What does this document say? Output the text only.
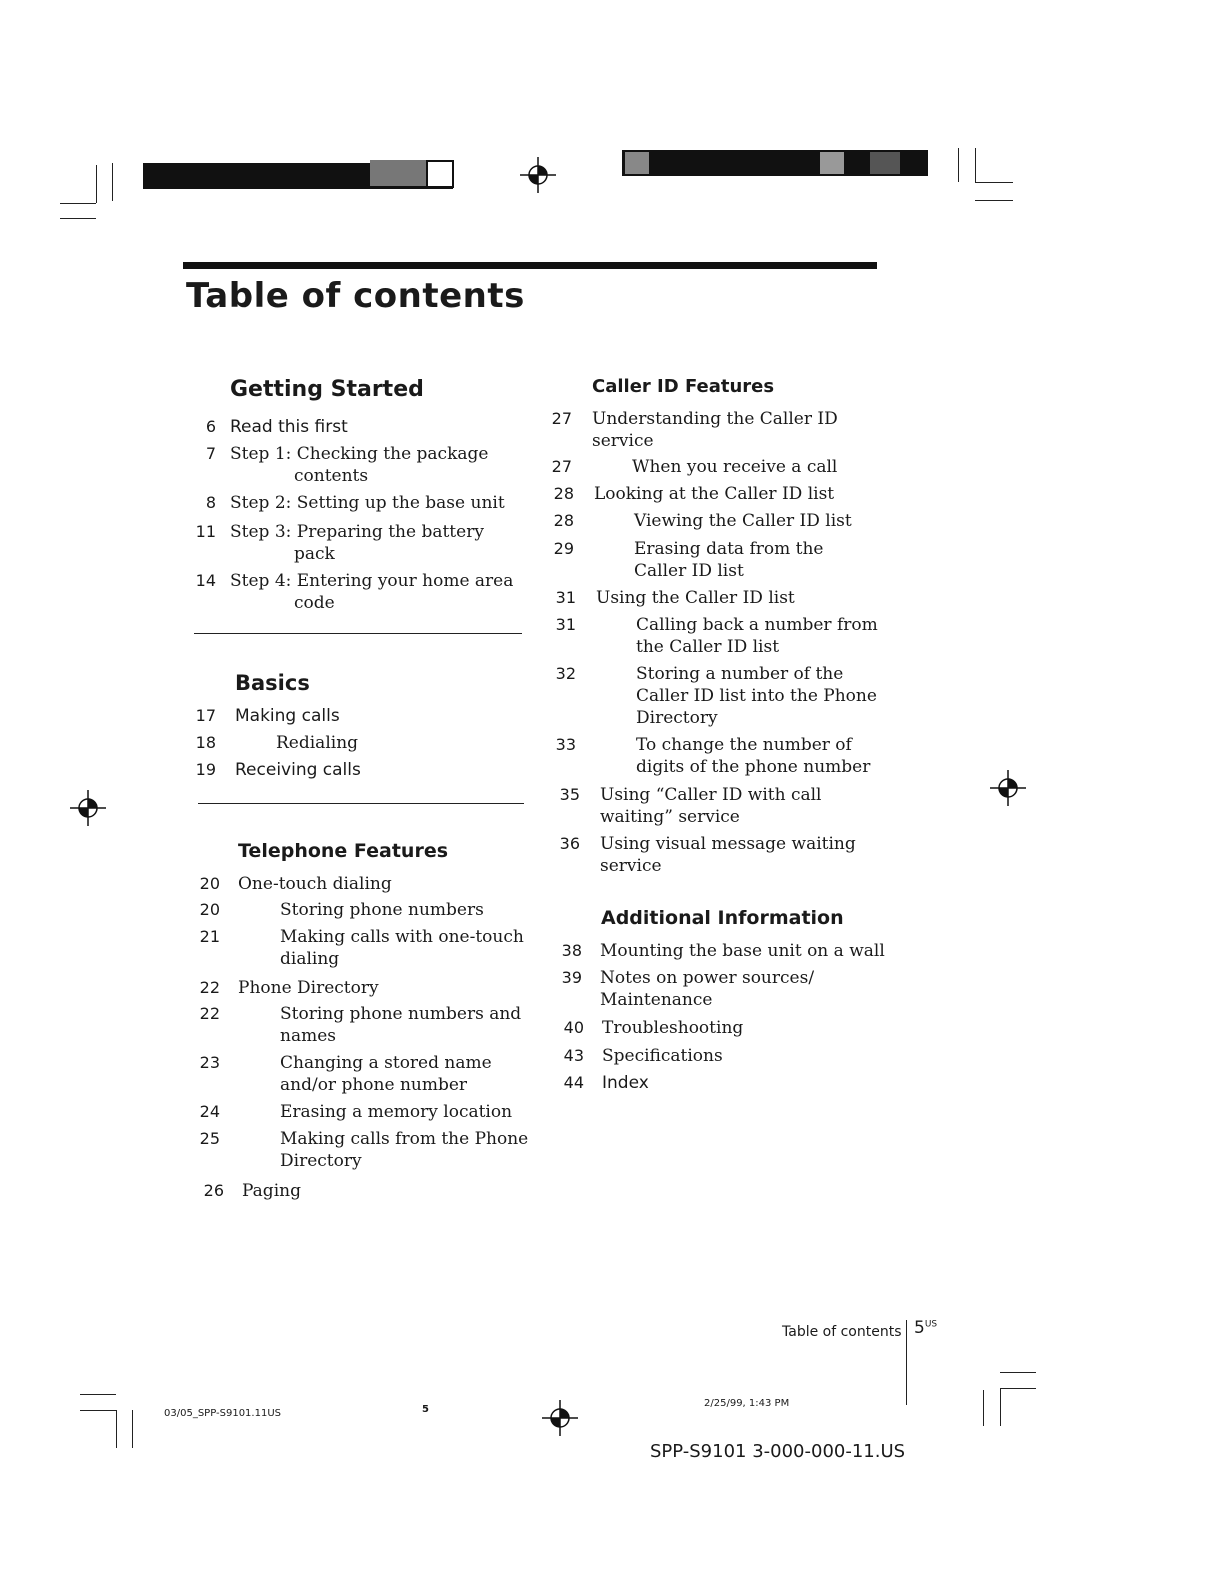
Table of contents
Getting Started
6 Read this first
7 Step 1: Checking the package
contents
8 Step 2: Setting up the base unit
11 Step 3: Preparing the battery
pack
14 Step 4: Entering your home area
code
Basics
17	Making calls
18	Redialing
19	Receiving calls
Telephone Features
20	One-touch dialing
20	Storing phone numbers
21	Making calls with one-touch
dialing
22	Phone Directory
22	Storing phone numbers and
names
23	Changing a stored name
and/or phone number
24	Erasing a memory location
25	Making calls from the Phone
Directory
26	Paging
Caller ID Features
27	Understanding the Caller ID
service
27	When you receive a call
28	Looking at the Caller ID list
28	Viewing the Caller ID list
29	Erasing data from the
Caller ID list
31	Using the Caller ID list
31	Calling back a number from
the Caller ID list
32	Storing a number of the
Caller ID list into the Phone
Directory
33	To change the number of
digits of the phone number
35	Using “Caller ID with call
waiting” service
36	Using visual message waiting
service
Additional Information
38	Mounting the base unit on a wall
39	Notes on power sources/
Maintenance
40	Troubleshooting
43	Specifications
44	Index
Table of contents $5^{US}$
03/05_SPP-S9101.11US	5
2/25/99, 1:43 PM
SPP-S9101 3-000-000-11.US
